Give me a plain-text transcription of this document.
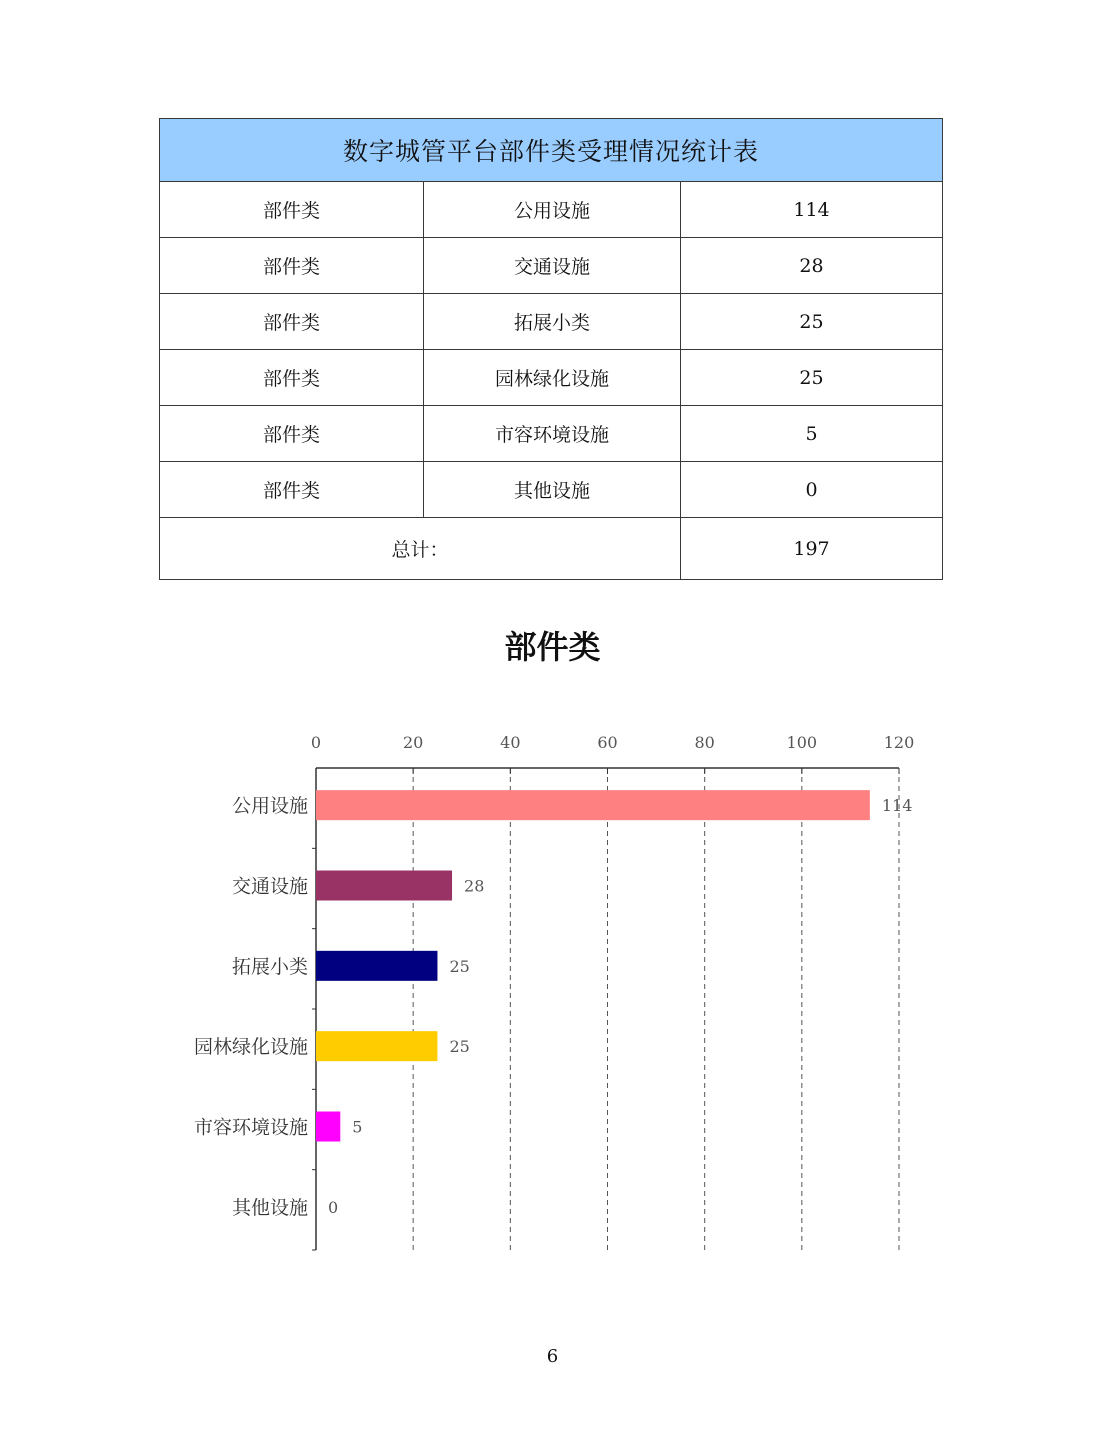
数字城管平台部件类受理情况统计表		
部件类	公用设施	114
部件类	交通设施	28
部件类	拓展小类	25
部件类	园林绿化设施	25
部件类	市容环境设施	5
部件类	其他设施	0
总计：		197
部件类
0	20	40	60	80	100	120
公用设施	114
交通设施	28
拓展小类	25
园林绿化设施	25
市容环境设施	5
其他设施 0
6
